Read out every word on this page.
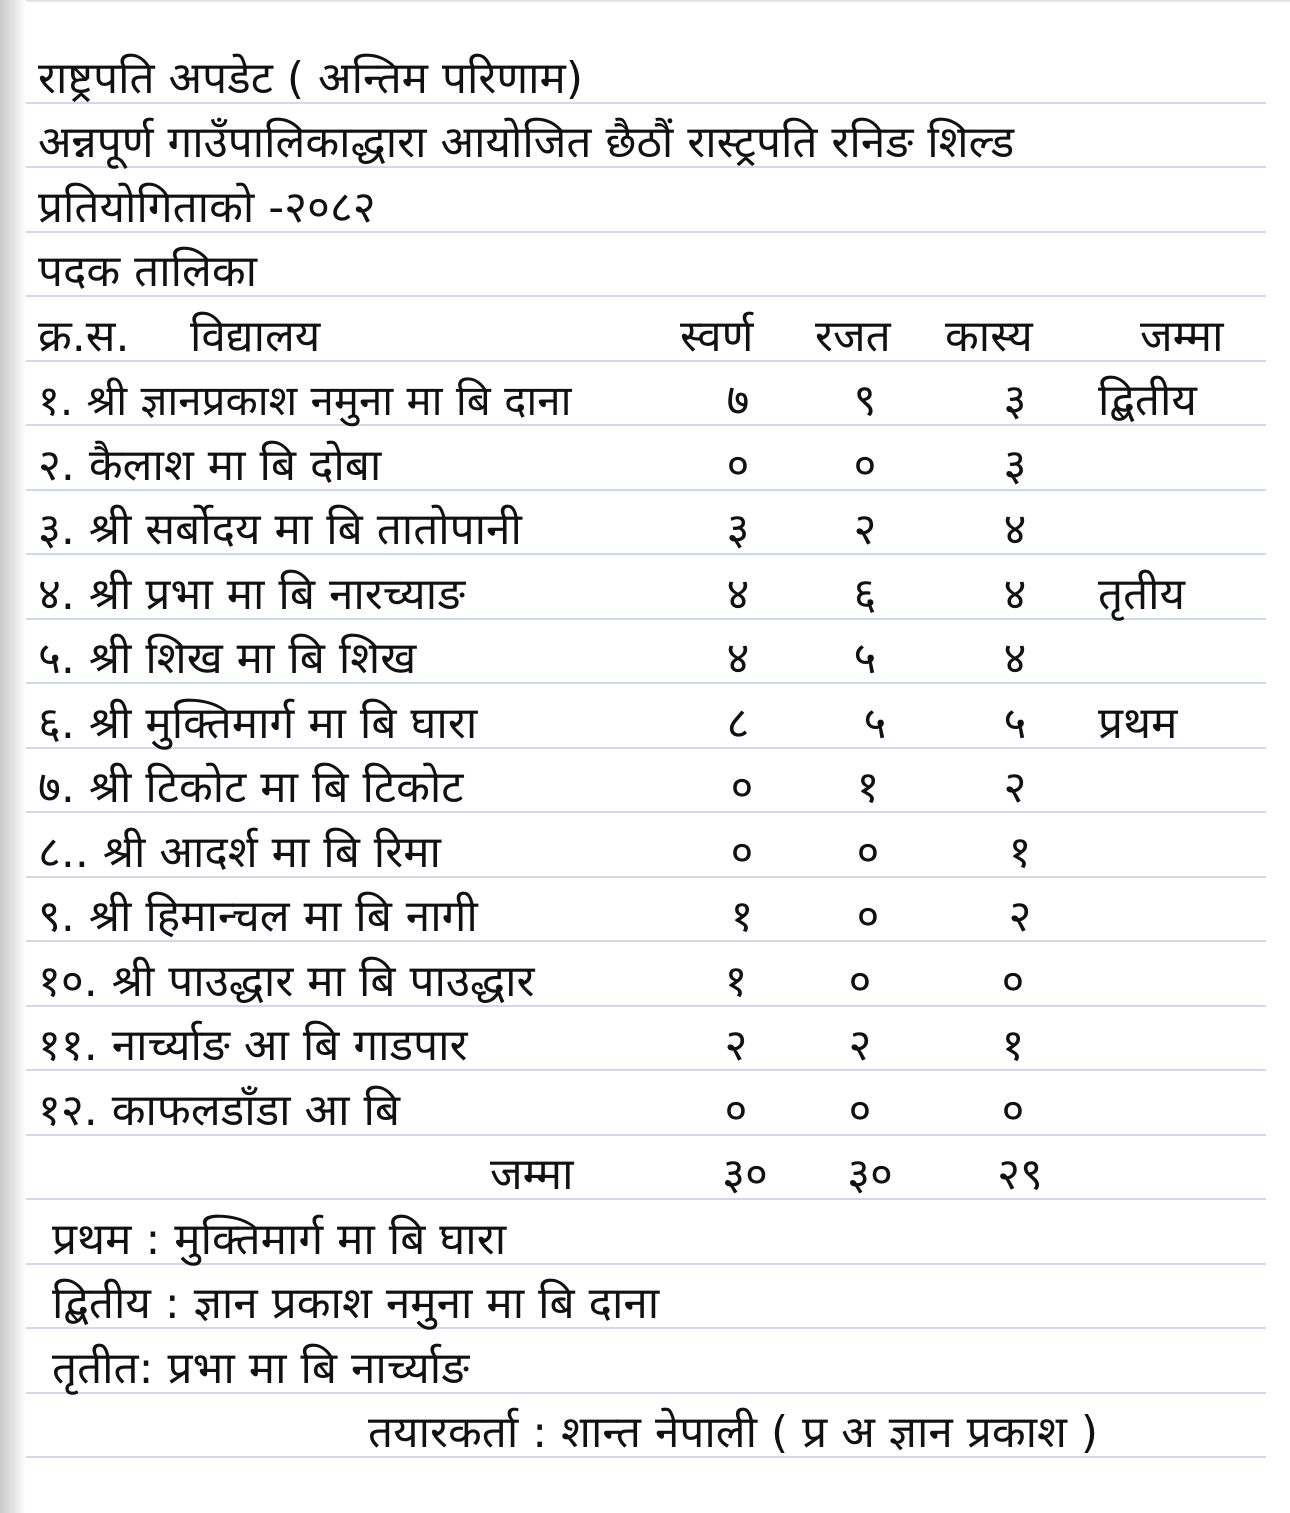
राष्ट्रपति अपडेट ( अन्तिम परिणाम)
अन्नपूर्ण गाउँपालिकाद्धारा आयोजित छैठौं रास्ट्रपति रनिङ शिल्ड
प्रतियोगिताको -२०८२
पदक तालिका
क्र.स. विद्यालय	स्वर्ण रजत कास्य जम्मा
१. श्री ज्ञानप्रकाश नमुना मा बि दाना	७	९	३	द्बितीय
२. कैलाश मा बि दोबा	०	०	३
३. श्री सर्बोदय मा बि तातोपानी	३	२	४
४. श्री प्रभा मा बि नारच्याङ	४	६	४	तृतीय
५. श्री शिख मा बि शिख	४	५	४
६. श्री मुक्तिमार्ग मा बि घारा	८	५	५	प्रथम
७. श्री टिकोट मा बि टिकोट	०	१	२
८.. श्री आदर्श मा बि रिमा	०	०	१
९. श्री हिमान्चल मा बि नागी	१	०	२
१०. श्री पाउद्धार मा बि पाउद्धार	१	०	०
११. नार्च्याङ आ बि गाडपार	२	२	१
१२. काफलडाँडा आ बि	०	०	०
जम्मा	३० ३० २९
प्रथम : मुक्तिमार्ग मा बि घारा
द्बितीय : ज्ञान प्रकाश नमुना मा बि दाना
तृतीत: प्रभा मा बि नार्च्याङ
तयारकर्ता : शान्त नेपाली ( प्र अ ज्ञान प्रकाश )
